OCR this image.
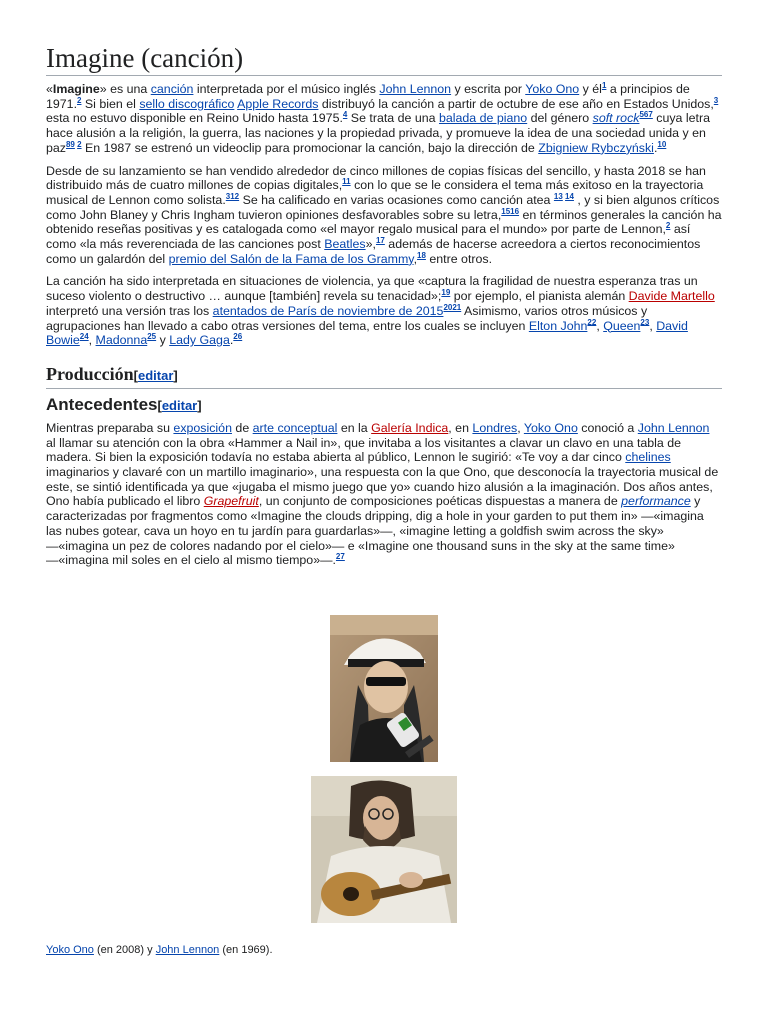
Imagine (canción)

«Imagine» es una canción interpretada por el músico inglés John Lennon y escrita por Yoko Ono y él$^1$ a principios de 1971.$^2$ Si bien el sello discográfico Apple Records distribuyó la canción a partir de octubre de ese año en Estados Unidos,$^3$ esta no estuvo disponible en Reino Unido hasta 1975.$^4$ Se trata de una balada de piano del género soft rock$^{567}$ cuya letra hace alusión a la religión, la guerra, las naciones y la propiedad privada, y promueve la idea de una sociedad unida y en paz$^{89}$ $^2$ En 1987 se estrenó un videoclip para promocionar la canción, bajo la dirección de Zbigniew Rybczyński.$^{10}$

Desde de su lanzamiento se han vendido alrededor de cinco millones de copias físicas del sencillo, y hasta 2018 se han distribuido más de cuatro millones de copias digitales,$^{11}$ con lo que se le considera el tema más exitoso en la trayectoria musical de Lennon como solista.$^{312}$ Se ha calificado en varias ocasiones como canción atea $^{13}$ $^{14}$ , y si bien algunos críticos como John Blaney y Chris Ingham tuvieron opiniones desfavorables sobre su letra,$^{1516}$ en términos generales la canción ha obtenido reseñas positivas y es catalogada como «el mayor regalo musical para el mundo» por parte de Lennon,$^2$ así como «la más reverenciada de las canciones post Beatles»,$^{17}$ además de hacerse acreedora a ciertos reconocimientos como un galardón del premio del Salón de la Fama de los Grammy,$^{18}$ entre otros.

La canción ha sido interpretada en situaciones de violencia, ya que «captura la fragilidad de nuestra esperanza tras un suceso violento o destructivo … aunque [también] revela su tenacidad»;$^{19}$ por ejemplo, el pianista alemán Davide Martello interpretó una versión tras los atentados de París de noviembre de 2015$^{2021}$ Asimismo, varios otros músicos y agrupaciones han llevado a cabo otras versiones del tema, entre los cuales se incluyen Elton John$^{22}$, Queen$^{23}$, David Bowie$^{24}$, Madonna$^{25}$ y Lady Gaga.$^{26}$

Producción[editar]
Antecedentes[editar]

Mientras preparaba su exposición de arte conceptual en la Galería Indica, en Londres, Yoko Ono conoció a John Lennon al llamar su atención con la obra «Hammer a Nail in», que invitaba a los visitantes a clavar un clavo en una tabla de madera. Si bien la exposición todavía no estaba abierta al público, Lennon le sugirió: «Te voy a dar cinco chelines imaginarios y clavaré con un martillo imaginario», una respuesta con la que Ono, que desconocía la trayectoria musical de este, se sintió identificada ya que «jugaba el mismo juego que yo» cuando hizo alusión a la imaginación. Dos años antes, Ono había publicado el libro Grapefruit, un conjunto de composiciones poéticas dispuestas a manera de performance y caracterizadas por fragmentos como «Imagine the clouds dripping, dig a hole in your garden to put them in» —«imagina las nubes gotear, cava un hoyo en tu jardín para guardarlas»—, «imagine letting a goldfish swim across the sky» —«imagina un pez de colores nadando por el cielo»— e «Imagine one thousand suns in the sky at the same time» —«imagina mil soles en el cielo al mismo tiempo»—.$^{27}$

Yoko Ono (en 2008) y John Lennon (en 1969).
